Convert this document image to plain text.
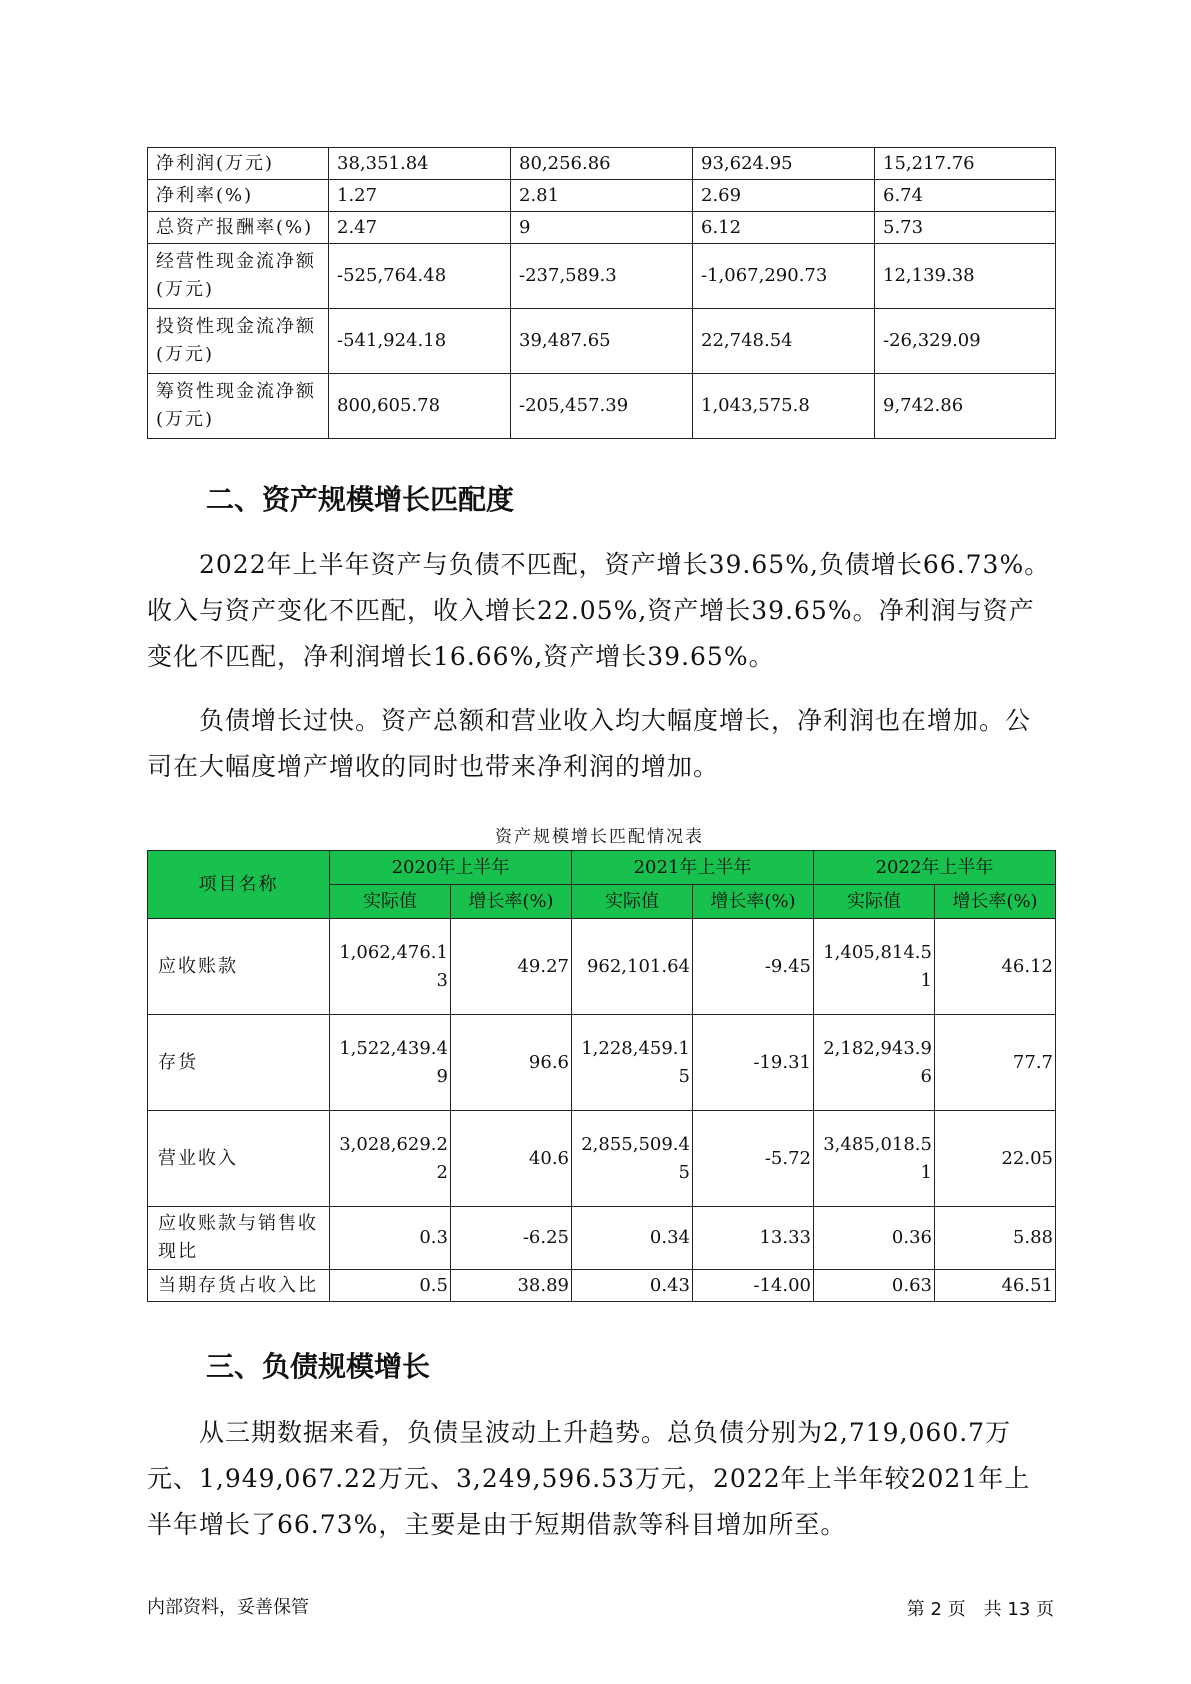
净利润(万元)	38,351.84	80,256.86	93,624.95	15,217.76
净利率(%)	1.27	2.81	2.69	6.74
总资产报酬率(%)	2.47	9	6.12	5.73
经营性现金流净额(万元)	-525,764.48	-237,589.3	-1,067,290.73	12,139.38
投资性现金流净额(万元)	-541,924.18	39,487.65	22,748.54	-26,329.09
筹资性现金流净额(万元)	800,605.78	-205,457.39	1,043,575.8	9,742.86
二、资产规模增长匹配度

2022年上半年资产与负债不匹配，资产增长39.65%,负债增长66.73%。收入与资产变化不匹配，收入增长22.05%,资产增长39.65%。净利润与资产变化不匹配，净利润增长16.66%,资产增长39.65%。

负债增长过快。资产总额和营业收入均大幅度增长，净利润也在增加。公司在大幅度增产增收的同时也带来净利润的增加。

资产规模增长匹配情况表
项目名称	2020年上半年		2021年上半年		2022年上半年	
	实际值	增长率(%)	实际值	增长率(%)	实际值	增长率(%)
应收账款	1,062,476.13	49.27	962,101.64	-9.45	1,405,814.51	46.12
存货	1,522,439.49	96.6	1,228,459.15	-19.31	2,182,943.96	77.7
营业收入	3,028,629.22	40.6	2,855,509.45	-5.72	3,485,018.51	22.05
应收账款与销售收现比	0.3	-6.25	0.34	13.33	0.36	5.88
当期存货占收入比	0.5	38.89	0.43	-14.00	0.63	46.51
三、负债规模增长

从三期数据来看，负债呈波动上升趋势。总负债分别为2,719,060.7万元、1,949,067.22万元、3,249,596.53万元，2022年上半年较2021年上半年增长了66.73%，主要是由于短期借款等科目增加所至。

内部资料，妥善保管	第 2 页　共 13 页
